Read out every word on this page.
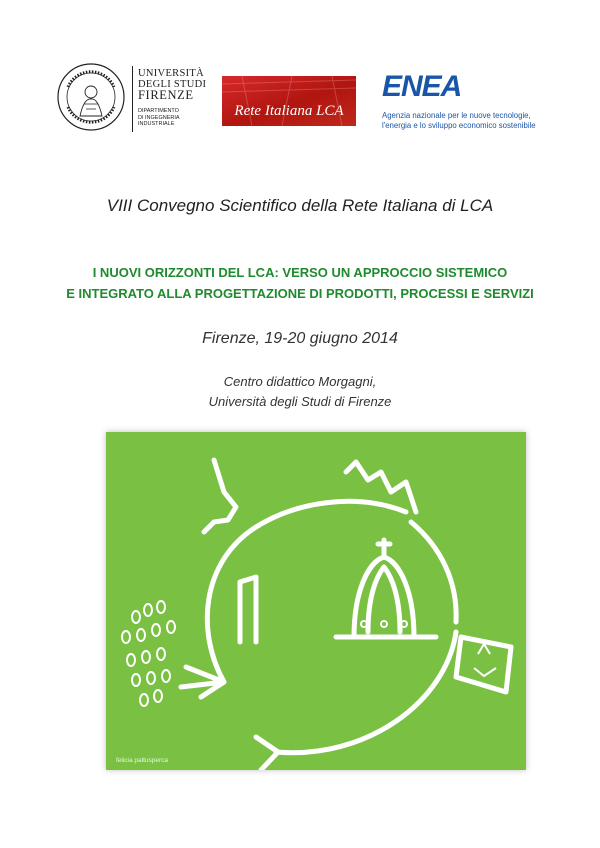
UNIVERSITÀ
DEGLI STUDI
FIRENZE
DIPARTIMENTO
DI INGEGNERIA
INDUSTRIALE
Rete Italiana LCA
ENEA
Agenzia nazionale per le nuove tecnologie,
l'energia e lo sviluppo economico sostenibile
VIII Convegno Scientifico della Rete Italiana di LCA
I NUOVI ORIZZONTI DEL LCA: VERSO UN APPROCCIO SISTEMICO
E INTEGRATO ALLA PROGETTAZIONE DI PRODOTTI, PROCESSI E SERVIZI
Firenze, 19-20 giugno 2014
Centro didattico Morgagni,
Università degli Studi di Firenze
felicia paltusperca
